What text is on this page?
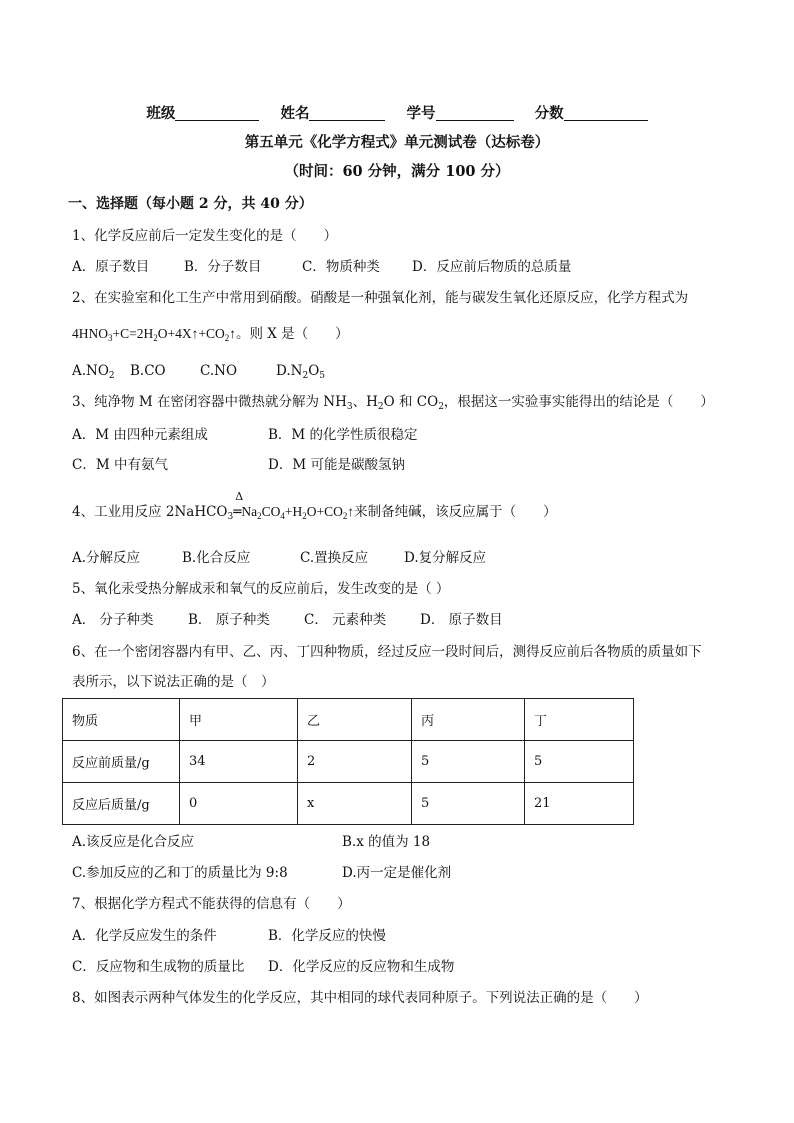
班级	姓名	学号	分数
第五单元《化学方程式》单元测试卷（达标卷）
（时间：60 分钟，满分 100 分）
一、选择题（每小题 2 分，共 40 分）
1、化学反应前后一定发生变化的是（　　）
A．原子数目	B．分子数目	C．物质种类 D．反应前后物质的总质量
2、在实验室和化工生产中常用到硝酸。硝酸是一种强氧化剂，能与碳发生氧化还原反应，化学方程式为
$4HNO_3+C=2H_2O+4X↑+CO_2↑$。则 X 是（　　）
$A.NO_2$ B.CO	C.NO	$D.N_2O_5$
3、纯净物 M 在密闭容器中微热就分解为 $NH_3$、$H_2O$ 和 $CO_2$，根据这一实验事实能得出的结论是（　　）
A．M 由四种元素组成	B．M 的化学性质很稳定
C．M 中有氨气	D．M 可能是碳酸氢钠
4、工业用反应 2NaHCO$_3$
Δ
$═Na_2CO_4+H_2O+CO_2↑$来制备纯碱，该反应属于（　　）
A.分解反应	B.化合反应	C.置换反应	D.复分解反应
5、氧化汞受热分解成汞和氧气的反应前后，发生改变的是（ ）
A． 分子种类	B． 原子种类	C． 元素种类	D． 原子数目
6、在一个密闭容器内有甲、乙、丙、丁四种物质，经过反应一段时间后，测得反应前后各物质的质量如下
表所示，以下说法正确的是（　）
物质	甲	乙	丙	丁
反应前质量/g	34	2	5	5
反应后质量/g	0	x	5	21
A.该反应是化合反应	B.x 的值为 18
C.参加反应的乙和丁的质量比为 9:8	D.丙一定是催化剂
7、根据化学方程式不能获得的信息有（　　）
A．化学反应发生的条件	B．化学反应的快慢
C．反应物和生成物的质量比 D．化学反应的反应物和生成物
8、如图表示两种气体发生的化学反应，其中相同的球代表同种原子。下列说法正确的是（　　）
